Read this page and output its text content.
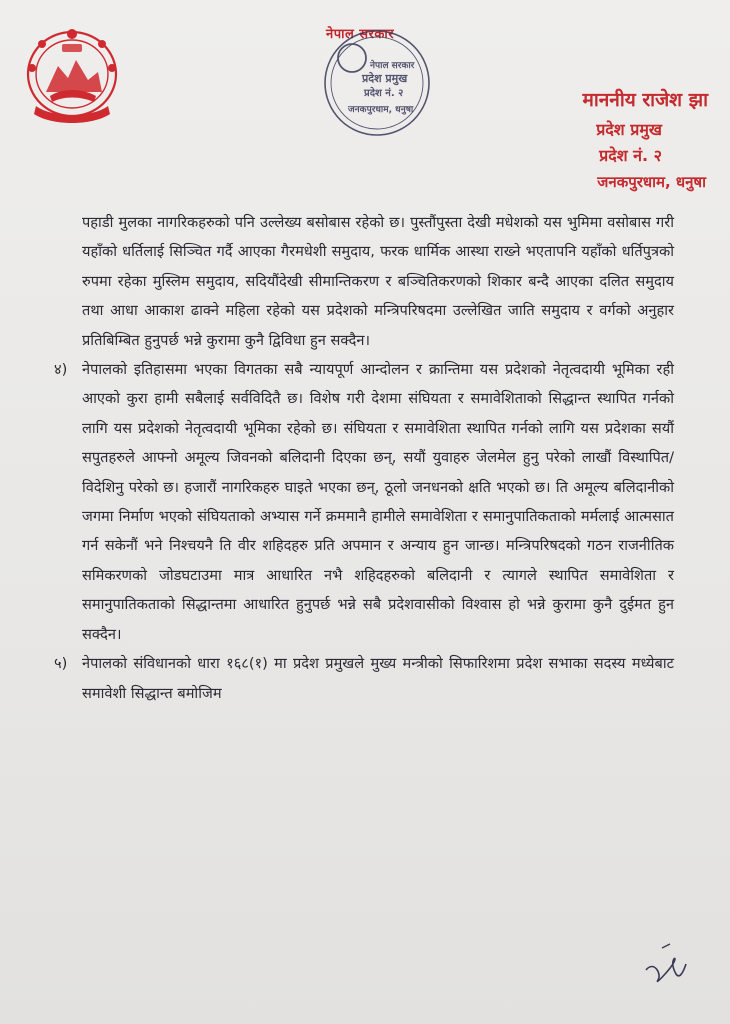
नेपाल सरकार
नेपाल सरकार
प्रदेश प्रमुख
प्रदेश नं. २
जनकपुरधाम, धनुषा	माननीय राजेश झा
प्रदेश प्रमुख
प्रदेश नं. २
जनकपुरधाम, धनुषा

पहाडी मुलका नागरिकहरुको पनि उल्लेख्य बसोबास रहेको छ। पुस्तौंपुस्ता देखी मधेशको यस भुमिमा वसोबास गरी यहाँको धर्तिलाई सिञ्चित गर्दै आएका गैरमधेशी समुदाय, फरक धार्मिक आस्था राख्ने भएतापनि यहाँको धर्तिपुत्रको रुपमा रहेका मुस्लिम समुदाय, सदियौंदेखी सीमान्तिकरण र बञ्चितिकरणको शिकार बन्दै आएका दलित समुदाय तथा आधा आकाश ढाक्ने महिला रहेको यस प्रदेशको मन्त्रिपरिषदमा उल्लेखित जाति समुदाय र वर्गको अनुहार प्रतिबिम्बित हुनुपर्छ भन्ने कुरामा कुनै द्विविधा हुन सक्दैन।

४) नेपालको इतिहासमा भएका विगतका सबै न्यायपूर्ण आन्दोलन र क्रान्तिमा यस प्रदेशको नेतृत्वदायी भूमिका रही आएको कुरा हामी सबैलाई सर्वविदितै छ। विशेष गरी देशमा संघियता र समावेशिताको सिद्धान्त स्थापित गर्नको लागि यस प्रदेशको नेतृत्वदायी भूमिका रहेको छ। संघियता र समावेशिता स्थापित गर्नको लागि यस प्रदेशका सयौं सपुतहरुले आफ्नो अमूल्य जिवनको बलिदानी दिएका छन्, सयौं युवाहरु जेलमेल हुनु परेको लाखौं विस्थापित/विदेशिनु परेको छ। हजारौं नागरिकहरु घाइते भएका छन्, ठूलो जनधनको क्षति भएको छ। ति अमूल्य बलिदानीको जगमा निर्माण भएको संघियताको अभ्यास गर्ने क्रममानै हामीले समावेशिता र समानुपातिकताको मर्मलाई आत्मसात गर्न सकेनौं भने निश्चयनै ति वीर शहिदहरु प्रति अपमान र अन्याय हुन जान्छ। मन्त्रिपरिषदको गठन राजनीतिक समिकरणको जोडघटाउमा मात्र आधारित नभै शहिदहरुको बलिदानी र त्यागले स्थापित समावेशिता र समानुपातिकताको सिद्धान्तमा आधारित हुनुपर्छ भन्ने सबै प्रदेशवासीको विश्वास हो भन्ने कुरामा कुनै दुईमत हुन सक्दैन।
५) नेपालको संविधानको धारा १६८(१) मा प्रदेश प्रमुखले मुख्य मन्त्रीको सिफारिशमा प्रदेश सभाका सदस्य मध्येबाट समावेशी सिद्धान्त बमोजिम
